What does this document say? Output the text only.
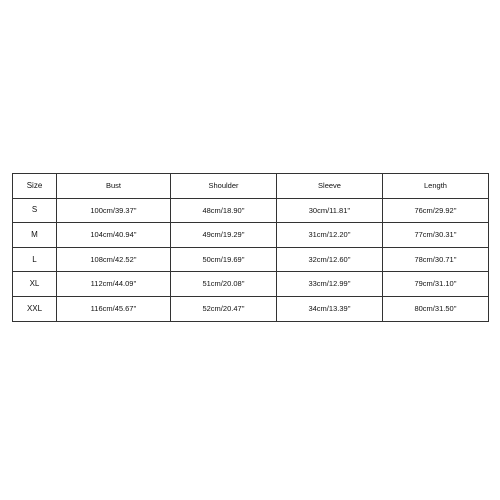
Size	Bust	Shoulder	Sleeve	Length
S	100cm/39.37''	48cm/18.90''	30cm/11.81''	76cm/29.92''
M	104cm/40.94''	49cm/19.29''	31cm/12.20''	77cm/30.31''
L	108cm/42.52''	50cm/19.69''	32cm/12.60''	78cm/30.71''
XL	112cm/44.09''	51cm/20.08''	33cm/12.99''	79cm/31.10''
XXL	116cm/45.67''	52cm/20.47''	34cm/13.39''	80cm/31.50''
